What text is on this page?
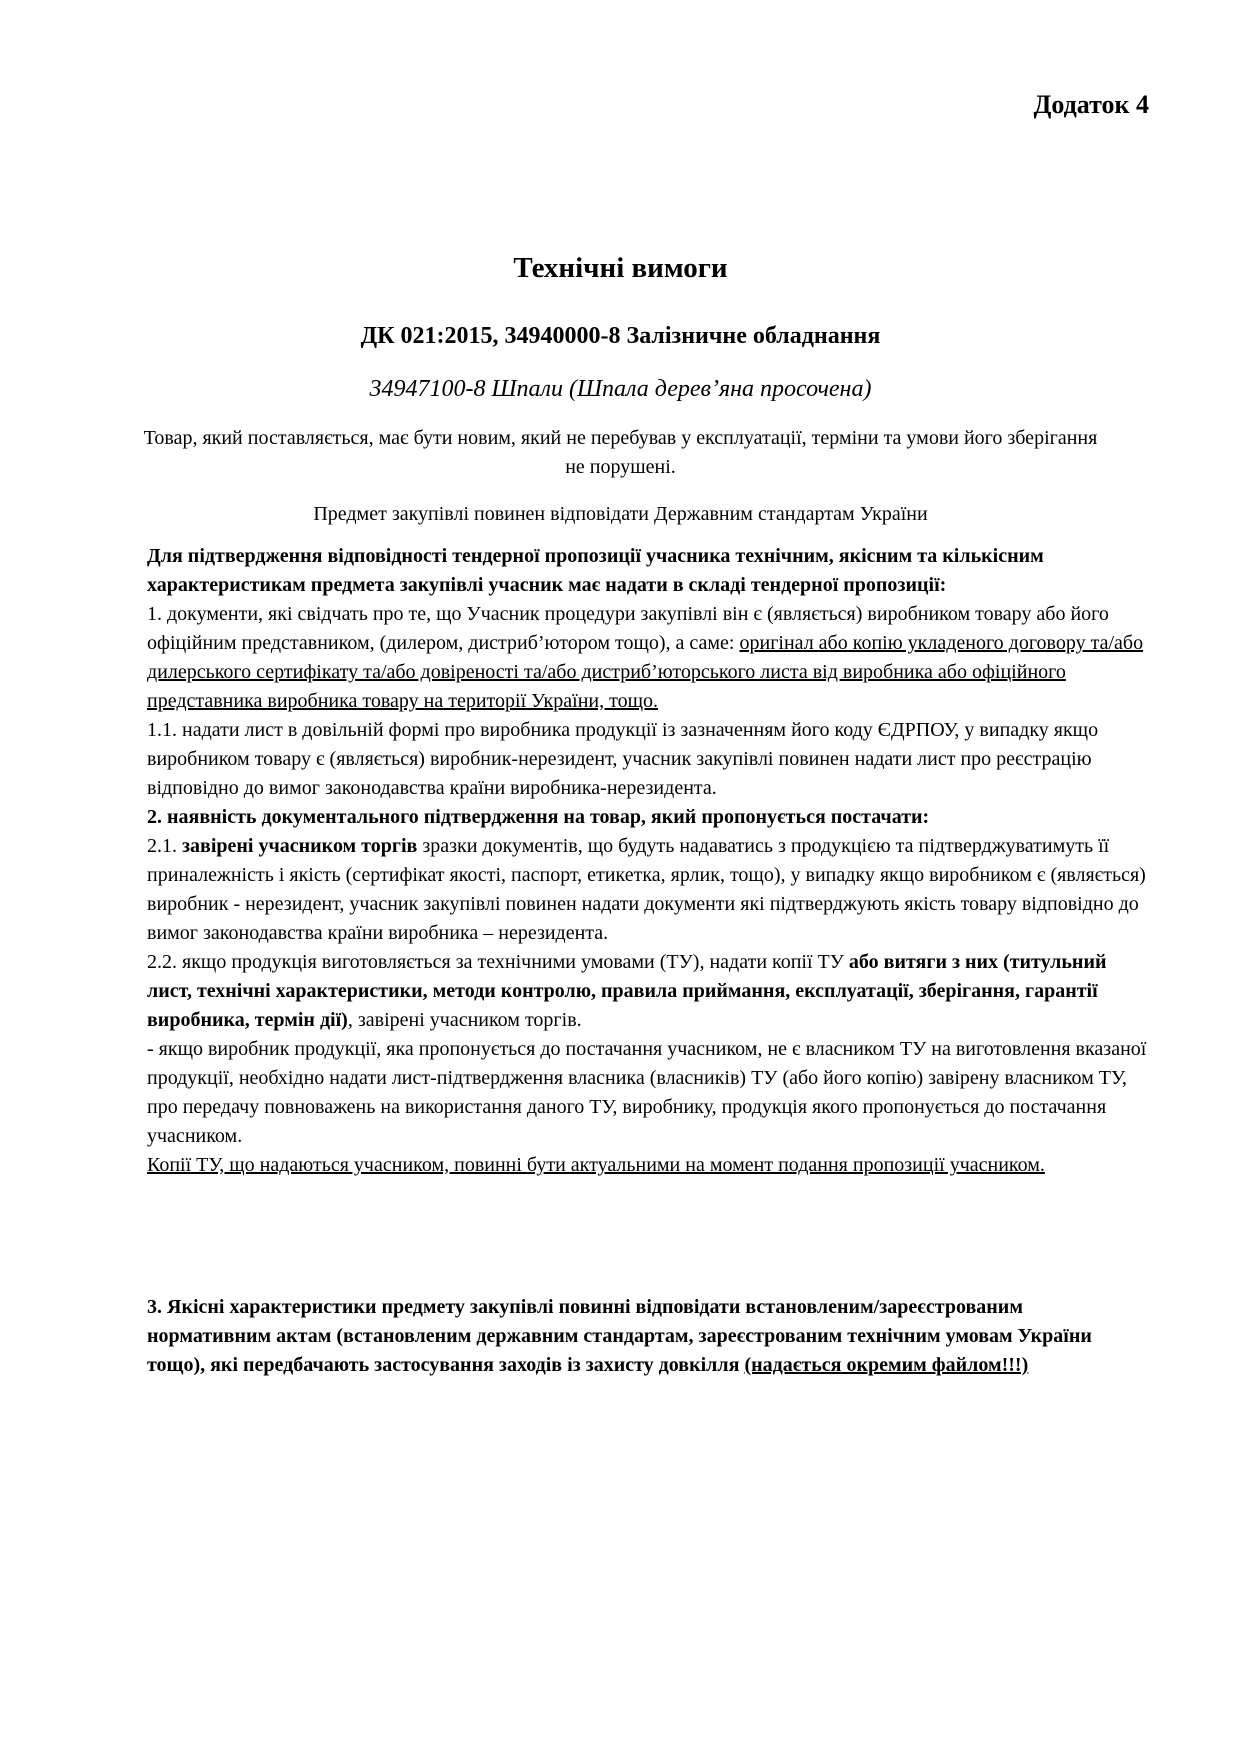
Додаток 4
Технічні вимоги
ДК 021:2015, 34940000-8 Залізничне обладнання
34947100-8 Шпали (Шпала дерев’яна просочена)
Товар, який поставляється, має бути новим, який не перебував у експлуатації, терміни та умови його зберігання не порушені.
Предмет закупівлі повинен відповідати Державним стандартам України

Для підтвердження відповідності тендерної пропозиції учасника технічним, якісним та кількісним характеристикам предмета закупівлі учасник має надати в складі тендерної пропозиції:

1. документи, які свідчать про те, що Учасник процедури закупівлі він є (являється) виробником товару або його офіційним представником, (дилером, дистриб’ютором тощо), а саме: оригінал або копію укладеного договору та/або дилерського сертифікату та/або довіреності та/або дистриб’юторського листа від виробника або офіційного представника виробника товару на території України, тощо.

1.1. надати лист в довільній формі про виробника продукції із зазначенням його коду ЄДРПОУ, у випадку якщо виробником товару є (являється) виробник-нерезидент, учасник закупівлі повинен надати лист про реєстрацію відповідно до вимог законодавства країни виробника-нерезидента.

2. наявність документального підтвердження на товар, який пропонується постачати:

2.1. завірені учасником торгів зразки документів, що будуть надаватись з продукцією та підтверджуватимуть її приналежність і якість (сертифікат якості, паспорт, етикетка, ярлик, тощо), у випадку якщо виробником є (являється) виробник - нерезидент, учасник закупівлі повинен надати документи які підтверджують якість товару відповідно до вимог законодавства країни виробника – нерезидента.

2.2. якщо продукція виготовляється за технічними умовами (ТУ), надати копії ТУ або витяги з них (титульний лист, технічні характеристики, методи контролю, правила приймання, експлуатації, зберігання, гарантії виробника, термін дії), завірені учасником торгів.

- якщо виробник продукції, яка пропонується до постачання учасником, не є власником ТУ на виготовлення вказаної продукції, необхідно надати лист-підтвердження власника (власників) ТУ (або його копію) завірену власником ТУ, про передачу повноважень на використання даного ТУ, виробнику, продукція якого пропонується до постачання учасником.

Копії ТУ, що надаються учасником, повинні бути актуальними на момент подання пропозиції учасником.

3. Якісні характеристики предмету закупівлі повинні відповідати встановленим/зареєстрованим нормативним актам (встановленим державним стандартам, зареєстрованим технічним умовам України тощо), які передбачають застосування заходів із захисту довкілля (надається окремим файлом!!!)
